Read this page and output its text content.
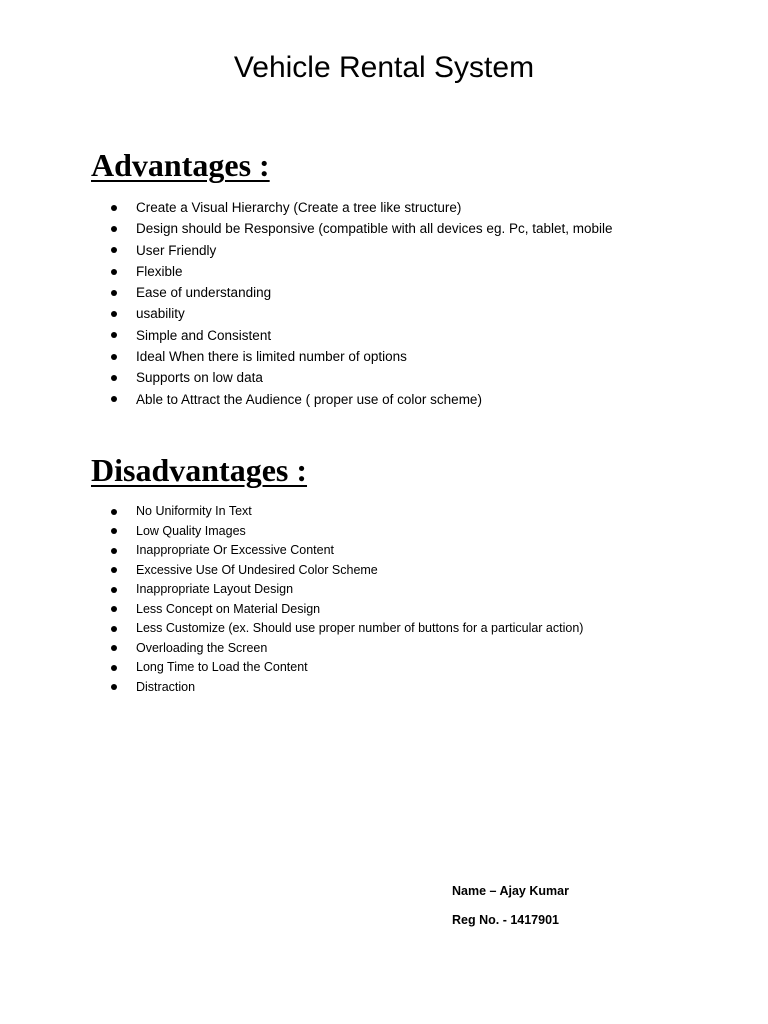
Vehicle Rental System
Advantages :
Create a Visual Hierarchy (Create a tree like structure)
Design should be Responsive (compatible with all devices eg. Pc, tablet, mobile
User Friendly
Flexible
Ease of understanding
usability
Simple and Consistent
Ideal When there is limited number of options
Supports on low data
Able to Attract the Audience ( proper use of color scheme)
Disadvantages :
No Uniformity In Text
Low Quality Images
Inappropriate Or Excessive Content
Excessive Use Of Undesired Color Scheme
Inappropriate Layout Design
Less Concept on Material Design
Less Customize (ex. Should use proper number of buttons for a particular action)
Overloading the Screen
Long Time to Load the Content
Distraction
Name – Ajay Kumar
Reg No. - 1417901
